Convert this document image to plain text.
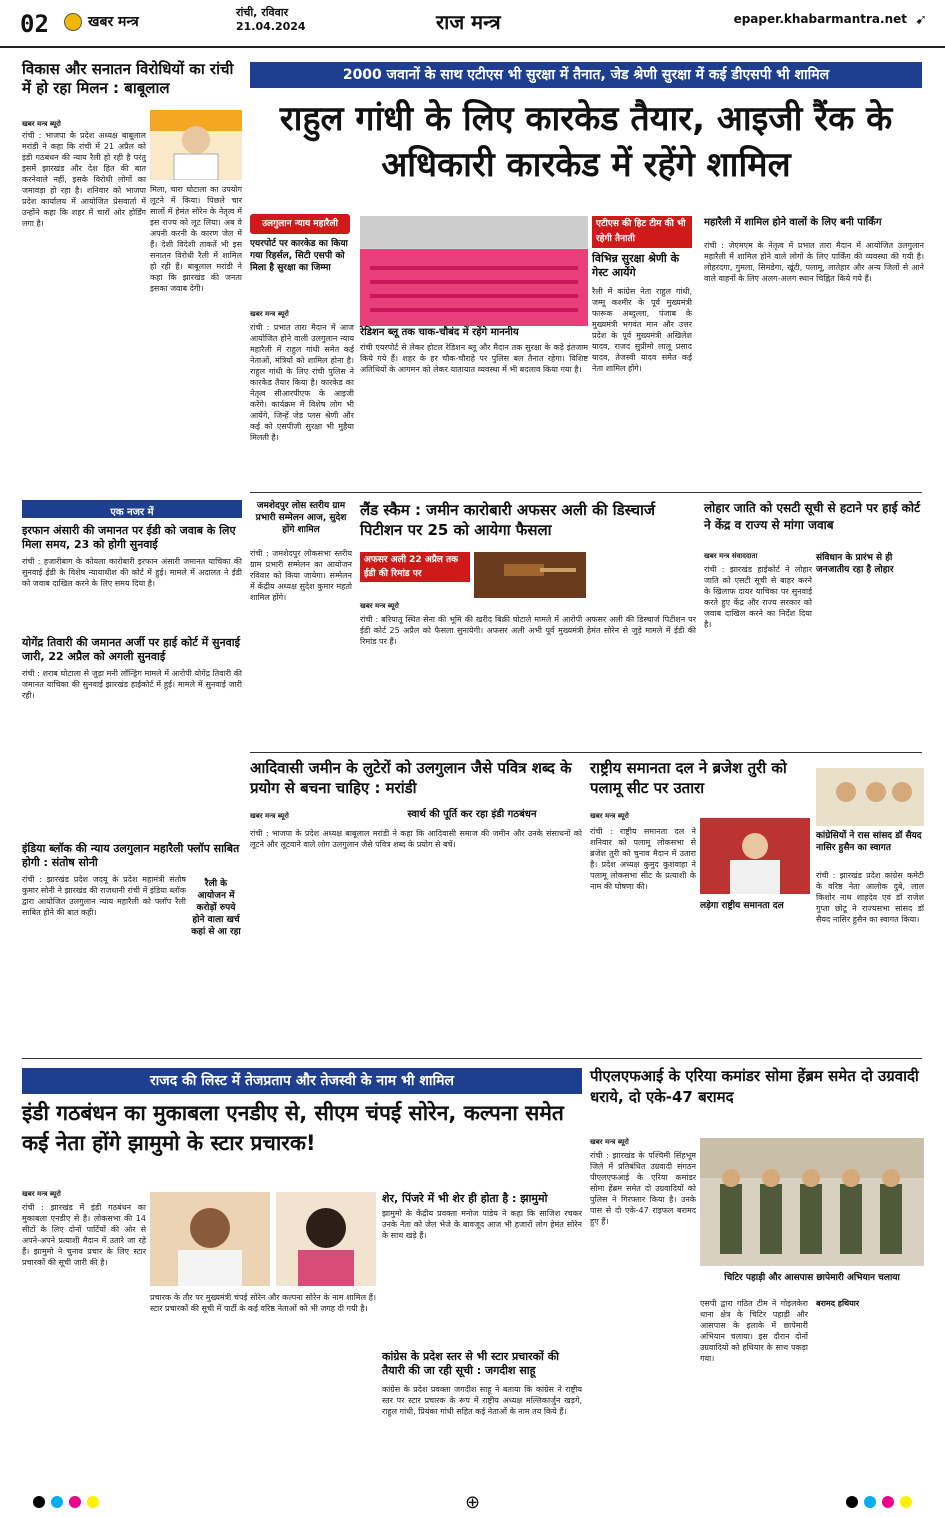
02	खबर मन्त्र
रांची, रविवार
21.04.2024	राज मन्त्र	epaper.khabarmantra.net ➹
विकास और सनातन विरोधियों का रांची में हो रहा मिलन : बाबूलाल
खबर मन्त्र ब्यूरो
रांची : भाजपा के प्रदेश अध्यक्ष बाबूलाल मरांडी ने कहा कि रांची में 21 अप्रैल को इंडी गठबंधन की न्याय रैली हो रही है परंतु इसमें झारखंड और देश हित की बात करनेवाले नहीं, इसके विरोधी लोगों का जमावड़ा हो रहा है। शनिवार को भाजपा प्रदेश कार्यालय में आयोजित प्रेसवार्ता में उन्होंने कहा कि शहर में चारों ओर होर्डिंग लगा है।
मिला, चारा घोटाला का उपयोग लूटने में किया। पिछले चार सालों में हेमंत सोरेन के नेतृत्व में इस राज्य को लूट लिया। अब वे अपनी करनी के कारण जेल में हैं। देशी विदेशी ताकतें भी इस सनातन विरोधी रैली में शामिल हो रही हैं। बाबूलाल मरांडी ने कहा कि झारखंड की जनता इसका जवाब देगी।
2000 जवानों के साथ एटीएस भी सुरक्षा में तैनात, जेड श्रेणी सुरक्षा में कई डीएसपी भी शामिल
राहुल गांधी के लिए कारकेड तैयार, आइजी रैंक के अधिकारी कारकेड में रहेंगे शामिल
उलगुलान न्याय महारैली
एयरपोर्ट पर कारकेड का किया गया रिहर्सल, सिटी एसपी को मिला है सुरक्षा का जिम्मा
खबर मन्त्र ब्यूरो
रांची : प्रभात तारा मैदान में आज आयोजित होने वाली उलगुलान न्याय महारैली में राहुल गांधी समेत कई नेताओं, मंत्रियों को शामिल होना है। राहुल गांधी के लिए रांची पुलिस ने कारकेड तैयार किया है। कारकेड का नेतृत्व सीआरपीएफ के आइजी करेंगे। कार्यक्रम में विशेष लोग भी आयेंगे, जिन्हें जेड प्लस श्रेणी और कई को एसपीजी सुरक्षा भी मुहैया मिलती है।
रेडिशन ब्लू तक चाक-चौबंद में रहेंगे माननीय
रांची एयरपोर्ट से लेकर होटल रेडिशन ब्लू और मैदान तक सुरक्षा के कड़े इंतजाम किये गये हैं। शहर के हर चौक-चौराहे पर पुलिस बल तैनात रहेगा। विशिष्ट अतिथियों के आगमन को लेकर यातायात व्यवस्था में भी बदलाव किया गया है।
एटीएस की हिट टीम की भी रहेगी तैनाती
विभिन्न सुरक्षा श्रेणी के गेस्ट आयेंगे
रैली में कांग्रेस नेता राहुल गांधी, जम्मू कश्मीर के पूर्व मुख्यमंत्री फारूक अब्दुल्ला, पंजाब के मुख्यमंत्री भगवंत मान और उत्तर प्रदेश के पूर्व मुख्यमंत्री अखिलेश यादव, राजद सुप्रीमो लालू प्रसाद यादव, तेजस्वी यादव समेत कई नेता शामिल होंगे।
महारैली में शामिल होने वालों के लिए बनी पार्किंग
रांची : जेएमएम के नेतृत्व में प्रभात तारा मैदान में आयोजित उलगुलान महारैली में शामिल होने वाले लोगों के लिए पार्किंग की व्यवस्था की गयी है। लोहरदगा, गुमला, सिमडेगा, खूंटी, पलामू, लातेहार और अन्य जिलों से आने वाले वाहनों के लिए अलग-अलग स्थान चिह्नित किये गये हैं।
एक नजर में
इरफान अंसारी की जमानत पर ईडी को जवाब के लिए मिला समय, 23 को होगी सुनवाई
रांची : हजारीबाग के कोयला कारोबारी इरफान अंसारी जमानत याचिका की सुनवाई ईडी के विशेष न्यायाधीश की कोर्ट में हुई। मामले में अदालत ने ईडी को जवाब दाखिल करने के लिए समय दिया है।
योगेंद्र तिवारी की जमानत अर्जी पर हाई कोर्ट में सुनवाई जारी, 22 अप्रैल को अगली सुनवाई
रांची : शराब घोटाला से जुड़ा मनी लॉन्ड्रिंग मामले में आरोपी योगेंद्र तिवारी की जमानत याचिका की सुनवाई झारखंड हाईकोर्ट में हुई। मामले में सुनवाई जारी रही।
इंडिया ब्लॉक की न्याय उलगुलान महारैली फ्लॉप साबित होगी : संतोष सोनी
रांची : झारखंड प्रदेश जदयू के प्रदेश महामंत्री संतोष कुमार सोनी ने झारखंड की राजधानी रांची में इंडिया ब्लॉक द्वारा आयोजित उलगुलान न्याय महारैली को फ्लॉप रैली साबित होने की बात कही।
रैली के आयोजन में करोड़ों रुपये होने वाला खर्च कहां से आ रहा
जमशेदपुर लोस स्तरीय ग्राम प्रभारी सम्मेलन आज, सुदेश होंगे शामिल
रांची : जमशेदपुर लोकसभा स्तरीय ग्राम प्रभारी सम्मेलन का आयोजन रविवार को किया जायेगा। सम्मेलन में केंद्रीय अध्यक्ष सुदेश कुमार महतो शामिल होंगे।
लैंड स्कैम : जमीन कारोबारी अफसर अली की डिस्चार्ज पिटीशन पर 25 को आयेगा फैसला
अफसर अली 22 अप्रैल तक ईडी की रिमांड पर
खबर मन्त्र ब्यूरो
रांची : बरियातू स्थित सेना की भूमि की खरीद बिक्री घोटाले मामले में आरोपी अफसर अली की डिस्चार्ज पिटीशन पर ईडी कोर्ट 25 अप्रैल को फैसला सुनायेगी। अफसर अली अभी पूर्व मुख्यमंत्री हेमंत सोरेन से जुड़े मामले में ईडी की रिमांड पर हैं।
लोहार जाति को एसटी सूची से हटाने पर हाई कोर्ट ने केंद्र व राज्य से मांगा जवाब
खबर मन्त्र संवाददाता	संविधान के प्रारंभ से ही जनजातीय रहा है लोहार
रांची : झारखंड हाईकोर्ट ने लोहार जाति को एसटी सूची से बाहर करने के खिलाफ दायर याचिका पर सुनवाई करते हुए केंद्र और राज्य सरकार को जवाब दाखिल करने का निर्देश दिया है।
आदिवासी जमीन के लुटेरों को उलगुलान जैसे पवित्र शब्द के प्रयोग से बचना चाहिए : मरांडी
स्वार्थ की पूर्ति कर रहा इंडी गठबंधन
खबर मन्त्र ब्यूरो
रांची : भाजपा के प्रदेश अध्यक्ष बाबूलाल मरांडी ने कहा कि आदिवासी समाज की जमीन और उनके संसाधनों को लूटने और लूटवाने वाले लोग उलगुलान जैसे पवित्र शब्द के प्रयोग से बचें।
राष्ट्रीय समानता दल ने ब्रजेश तुरी को पलामू सीट पर उतारा
खबर मन्त्र ब्यूरो
रांची : राष्ट्रीय समानता दल ने शनिवार को पलामू लोकसभा से ब्रजेश तुरी को चुनाव मैदान में उतारा है। प्रदेश अध्यक्ष कुमुद कुशवाहा ने पलामू लोकसभा सीट के प्रत्याशी के नाम की घोषणा की।
लड़ेगा राष्ट्रीय समानता दल
कांग्रेसियों ने रास सांसद डॉ सैयद नासिर हुसैन का स्वागत
रांची : झारखंड प्रदेश कांग्रेस कमेटी के वरिष्ठ नेता आलोक दुबे, लाल किशोर नाथ शाहदेव एवं डॉ राजेश गुप्ता छोटू ने राज्यसभा सांसद डॉ सैयद नासिर हुसैन का स्वागत किया।
राजद की लिस्ट में तेजप्रताप और तेजस्वी के नाम भी शामिल
इंडी गठबंधन का मुकाबला एनडीए से, सीएम चंपई सोरेन, कल्पना समेत कई नेता होंगे झामुमो के स्टार प्रचारक!
खबर मन्त्र ब्यूरो
रांची : झारखंड में इंडी गठबंधन का मुकाबला एनडीए से है। लोकसभा की 14 सीटों के लिए दोनों पार्टियों की ओर से अपने-अपने प्रत्याशी मैदान में उतारे जा रहे हैं। झामुमो ने चुनाव प्रचार के लिए स्टार प्रचारकों की सूची जारी की है।
प्रचारक के तौर पर मुख्यमंत्री चंपई सोरेन और कल्पना सोरेन के नाम शामिल हैं। स्टार प्रचारकों की सूची में पार्टी के कई वरिष्ठ नेताओं को भी जगह दी गयी है।
शेर, पिंजरे में भी शेर ही होता है : झामुमो
झामुमो के केंद्रीय प्रवक्ता मनोज पांडेय ने कहा कि साजिश रचकर उनके नेता को जेल भेजे के बावजूद आज भी हजारों लोग हेमंत सोरेन के साथ खड़े हैं।
कांग्रेस के प्रदेश स्तर से भी स्टार प्रचारकों की तैयारी की जा रही सूची : जगदीश साहू
कांग्रेस के प्रदेश प्रवक्ता जगदीश साहू ने बताया कि कांग्रेस ने राष्ट्रीय स्तर पर स्टार प्रचारक के रूप में राष्ट्रीय अध्यक्ष मल्लिकार्जुन खड़गे, राहुल गांधी, प्रियंका गांधी सहित कई नेताओं के नाम तय किये हैं।
पीएलएफआई के एरिया कमांडर सोमा हेंब्रम समेत दो उग्रवादी धराये, दो एके-47 बरामद
खबर मन्त्र ब्यूरो
रांची : झारखंड के पश्चिमी सिंहभूम जिले में प्रतिबंधित उग्रवादी संगठन पीएलएफआई के एरिया कमांडर सोमा हेंब्रम समेत दो उग्रवादियों को पुलिस ने गिरफ्तार किया है। उनके पास से दो एके-47 राइफल बरामद हुए हैं।
चिटिर पहाड़ी और आसपास छापेमारी अभियान चलाया
एसपी द्वारा गठित टीम ने गोइलकेरा थाना क्षेत्र के चिटिर पहाड़ी और आसपास के इलाके में छापेमारी अभियान चलाया। इस दौरान दोनों उग्रवादियों को हथियार के साथ पकड़ा गया।
बरामद हथियार
⊕
